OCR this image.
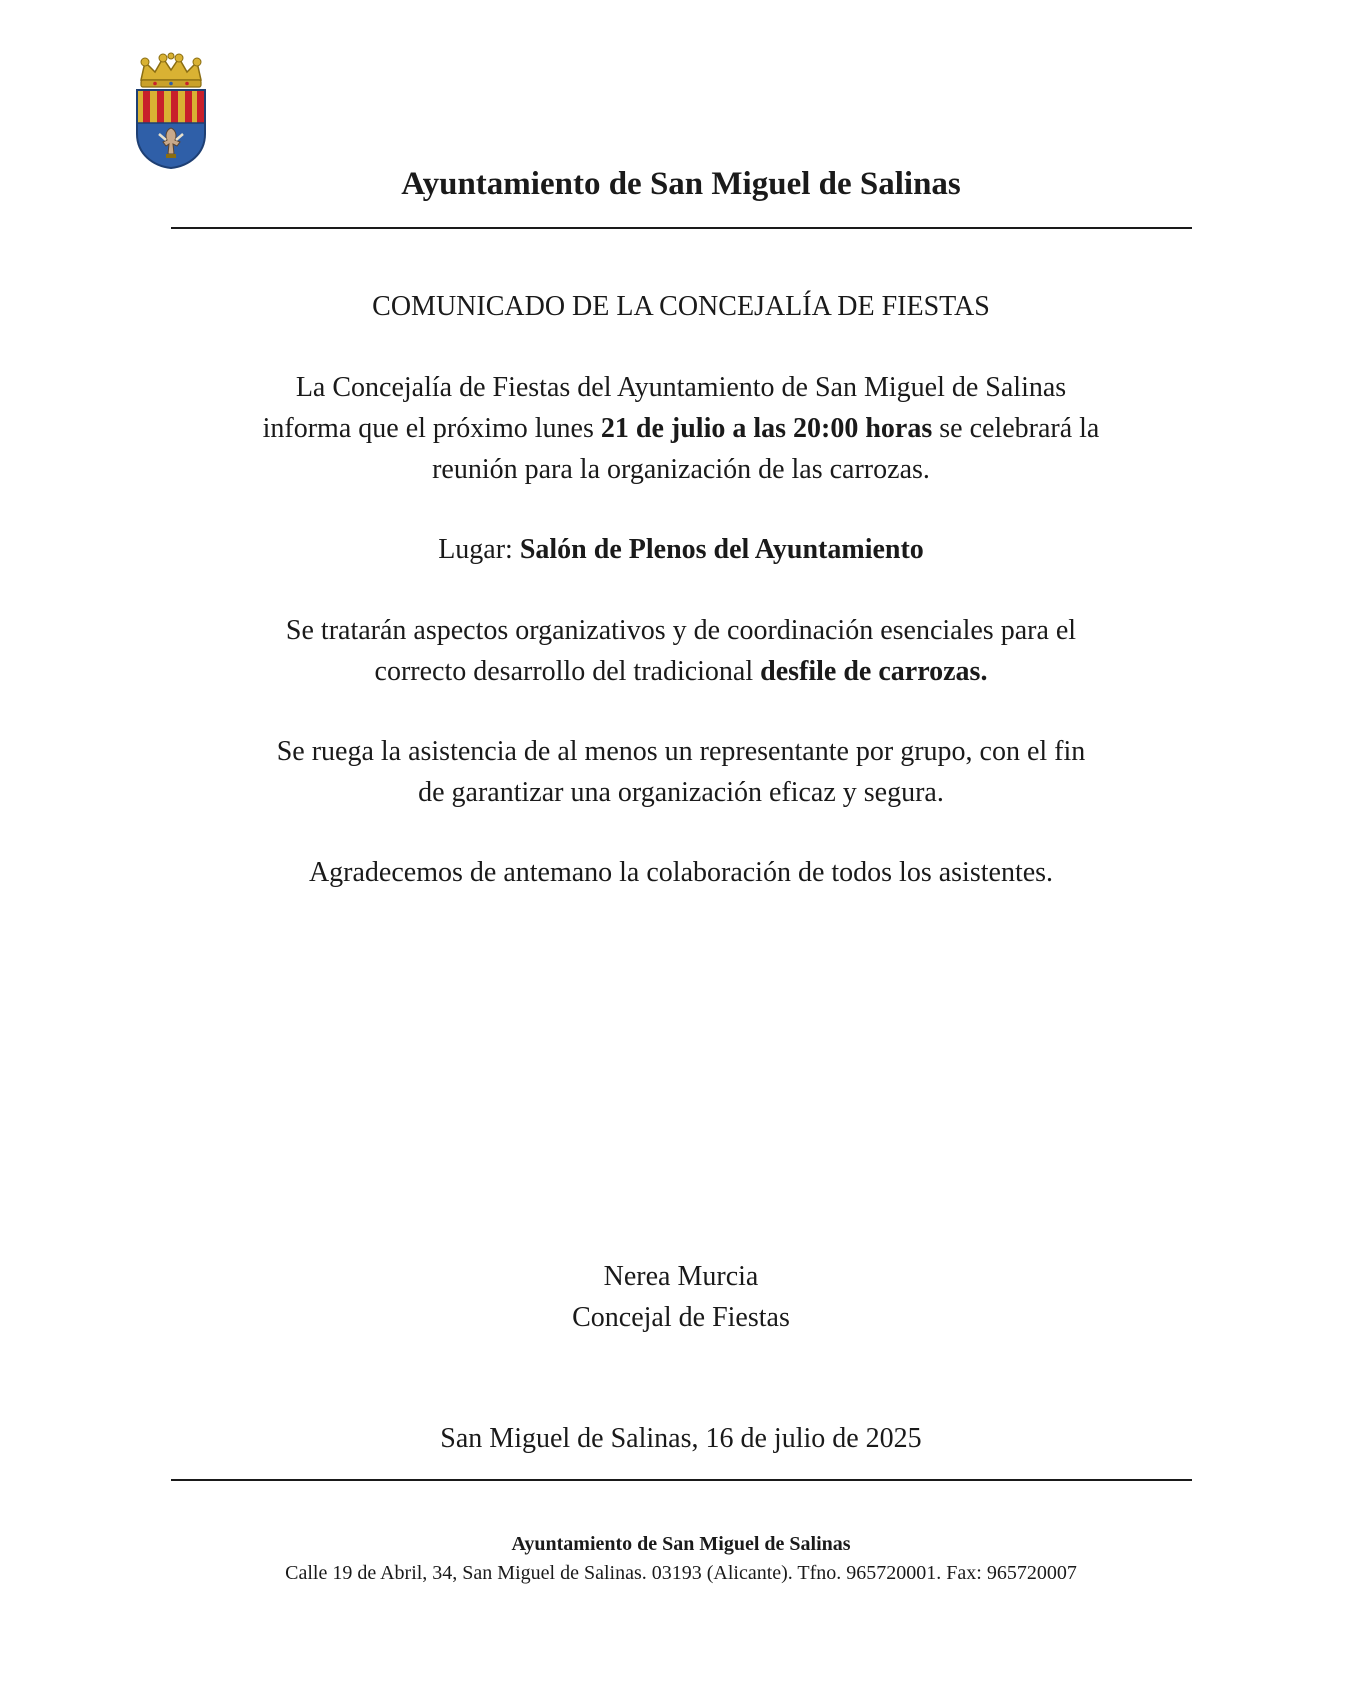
Ayuntamiento de San Miguel de Salinas

COMUNICADO DE LA CONCEJALÍA DE FIESTAS

La Concejalía de Fiestas del Ayuntamiento de San Miguel de Salinas

informa que el próximo lunes 21 de julio a las 20:00 horas se celebrará la

reunión para la organización de las carrozas.

Lugar: Salón de Plenos del Ayuntamiento

Se tratarán aspectos organizativos y de coordinación esenciales para el

correcto desarrollo del tradicional desfile de carrozas.

Se ruega la asistencia de al menos un representante por grupo, con el fin

de garantizar una organización eficaz y segura.

Agradecemos de antemano la colaboración de todos los asistentes.

Nerea Murcia

Concejal de Fiestas

San Miguel de Salinas, 16 de julio de 2025

Ayuntamiento de San Miguel de Salinas
Calle 19 de Abril, 34, San Miguel de Salinas. 03193 (Alicante). Tfno. 965720001. Fax: 965720007
